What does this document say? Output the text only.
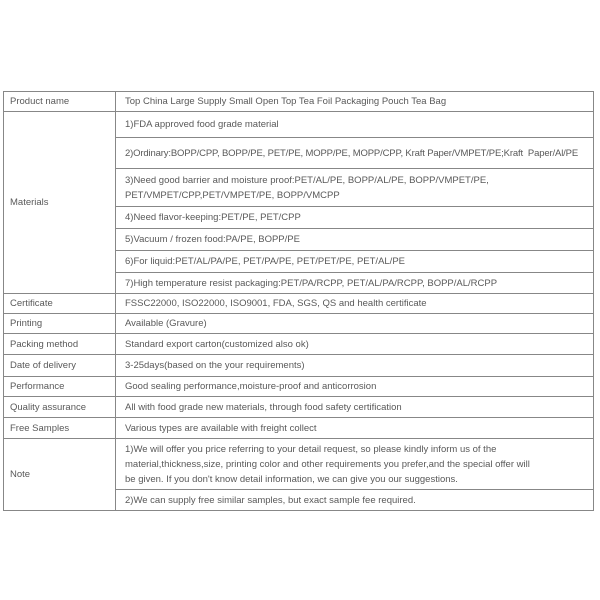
Product name	Top China Large Supply Small Open Top Tea Foil Packaging Pouch Tea Bag

Materials	1)FDA approved food grade material

	2)Ordinary:BOPP/CPP, BOPP/PE, PET/PE, MOPP/PE, MOPP/CPP, Kraft Paper/VMPET/PE;Kraft  Paper/Al/PE

	3)Need good barrier and moisture proof:PET/AL/PE, BOPP/AL/PE, BOPP/VMPET/PE,
PET/VMPET/CPP,PET/VMPET/PE, BOPP/VMCPP

	4)Need flavor-keeping:PET/PE, PET/CPP

	5)Vacuum / frozen food:PA/PE, BOPP/PE

	6)For liquid:PET/AL/PA/PE, PET/PA/PE, PET/PET/PE, PET/AL/PE

	7)High temperature resist packaging:PET/PA/RCPP, PET/AL/PA/RCPP, BOPP/AL/RCPP

Certificate	FSSC22000, ISO22000, ISO9001, FDA, SGS, QS and health certificate

Printing	Available (Gravure)

Packing method	Standard export carton(customized also ok)

Date of delivery	3-25days(based on the your requirements)

Performance	Good sealing performance,moisture-proof and anticorrosion

Quality assurance	All with food grade new materials, through food safety certification

Free Samples	Various types are available with freight collect

Note	1)We will offer you price referring to your detail request, so please kindly inform us of the
material,thickness,size, printing color and other requirements you prefer,and the special offer will
be given. If you don't know detail information, we can give you our suggestions.

	2)We can supply free similar samples, but exact sample fee required.
